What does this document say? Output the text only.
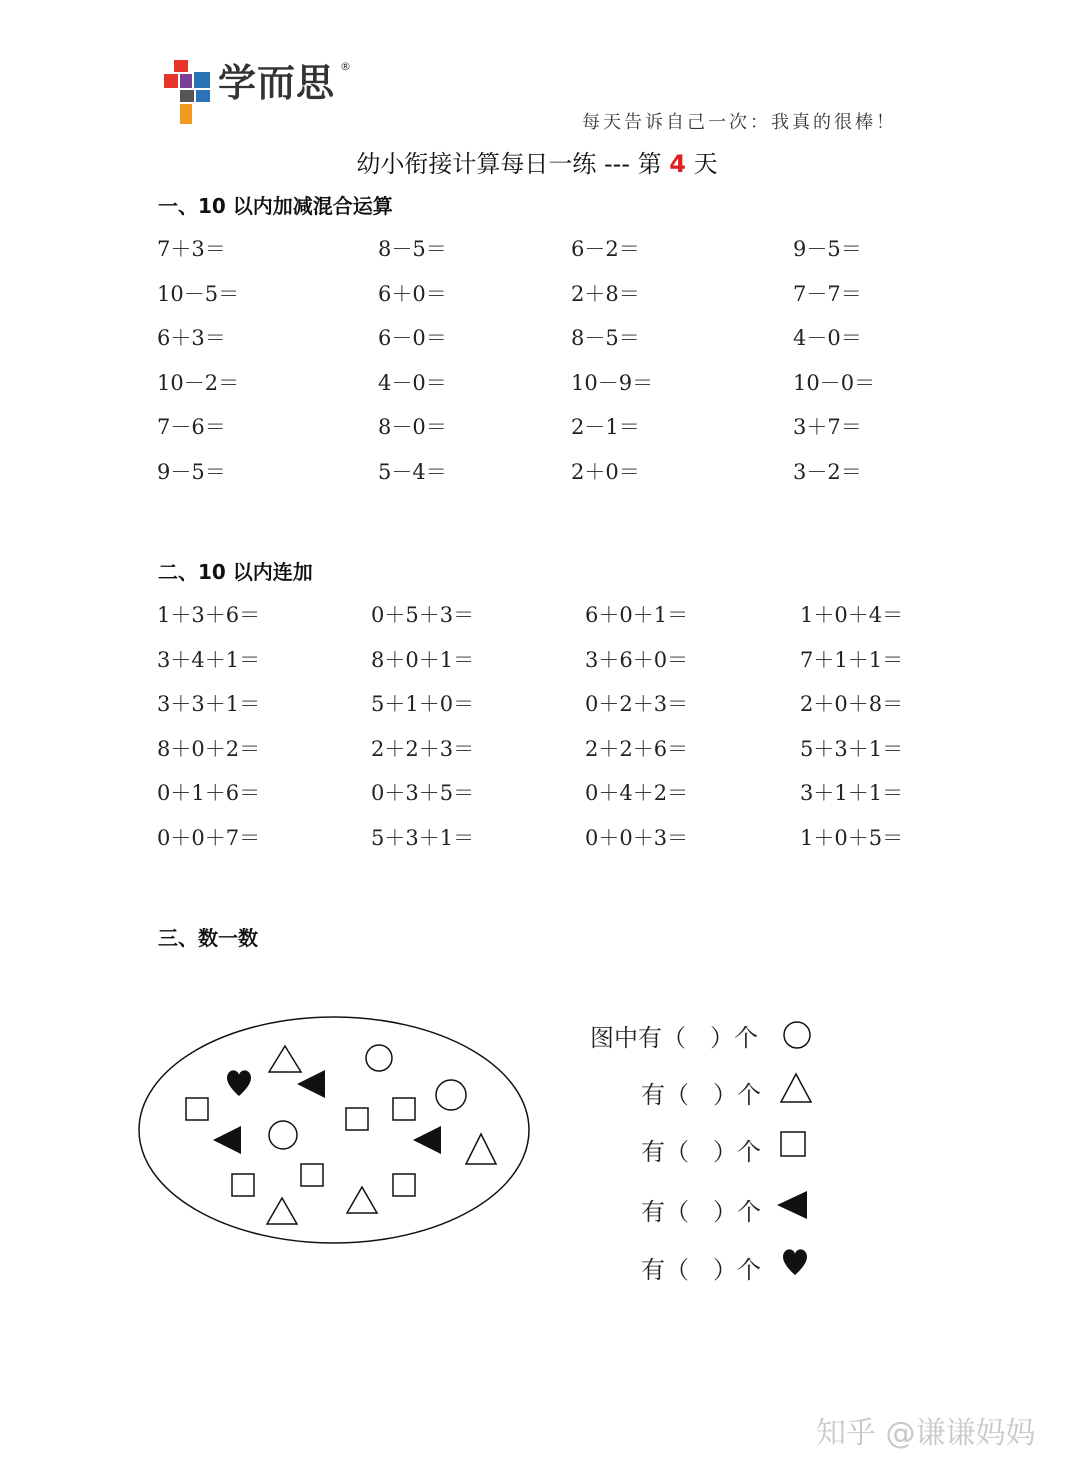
学而思 ®
每天告诉自己一次：我真的很棒！
幼小衔接计算每日一练 --- 第 4 天
一、10 以内加减混合运算
7＋3＝	8－5＝	6－2＝	9－5＝
10－5＝	6＋0＝	2＋8＝	7－7＝
6＋3＝	6－0＝	8－5＝	4－0＝
10－2＝	4－0＝	10－9＝	10－0＝
7－6＝	8－0＝	2－1＝	3＋7＝
9－5＝	5－4＝	2＋0＝	3－2＝
二、10 以内连加
1＋3＋6＝	0＋5＋3＝	6＋0＋1＝	1＋0＋4＝
3＋4＋1＝	8＋0＋1＝	3＋6＋0＝	7＋1＋1＝
3＋3＋1＝	5＋1＋0＝	0＋2＋3＝	2＋0＋8＝
8＋0＋2＝	2＋2＋3＝	2＋2＋6＝	5＋3＋1＝
0＋1＋6＝	0＋3＋5＝	0＋4＋2＝	3＋1＋1＝
0＋0＋7＝	5＋3＋1＝	0＋0＋3＝	1＋0＋5＝
三、数一数
图中有（　）个
有（　）个
有（　）个
有（　）个
有（　）个
知乎 @谦谦妈妈
